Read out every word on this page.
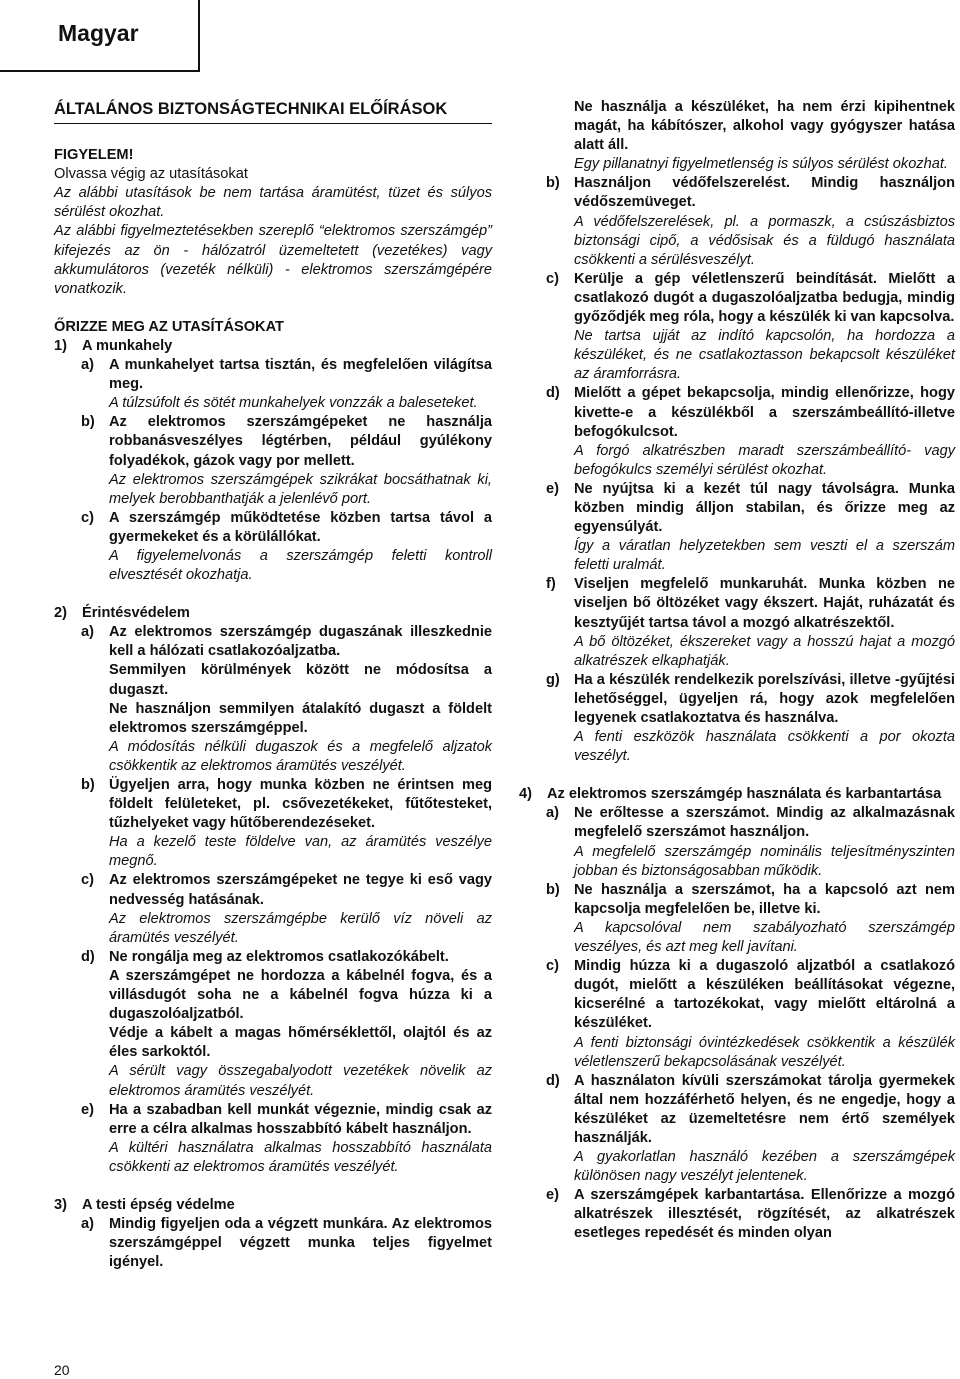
Magyar
ÁLTALÁNOS BIZTONSÁGTECHNIKAI ELŐÍRÁSOK
FIGYELEM!
Olvassa végig az utasításokat
Az alábbi utasítások be nem tartása áramütést, tüzet és súlyos sérülést okozhat.
Az alábbi figyelmeztetésekben szereplő “elektromos szerszámgép” kifejezés az ön - hálózatról üzemeltetett (vezetékes) vagy akkumulátoros (vezeték nélküli) - elektromos szerszámgépére vonatkozik.
ŐRIZZE MEG AZ UTASÍTÁSOKAT
1)	A munkahely
a)	A munkahelyet tartsa tisztán, és megfelelően világítsa meg.
A túlzsúfolt és sötét munkahelyek vonzzák a baleseteket.
b) Az elektromos szerszámgépeket ne használja robbanásveszélyes légtérben, például gyúlékony folyadékok, gázok vagy por mellett.
Az elektromos szerszámgépek szikrákat bocsáthatnak ki, melyek berobbanthatják a jelenlévő port.
c)	A szerszámgép működtetése közben tartsa távol a gyermekeket és a körülállókat.
A figyelemelvonás a szerszámgép feletti kontroll elvesztését okozhatja.
2)	Érintésvédelem
a)	Az elektromos szerszámgép dugaszának illeszkednie kell a hálózati csatlakozóaljzatba.
Semmilyen körülmények között ne módosítsa a dugaszt.
Ne használjon semmilyen átalakító dugaszt a földelt elektromos szerszámgéppel.
A módosítás nélküli dugaszok és a megfelelő aljzatok csökkentik az elektromos áramütés veszélyét.
b) Ügyeljen arra, hogy munka közben ne érintsen meg földelt felületeket, pl. csővezetékeket, fűtőtesteket, tűzhelyeket vagy hűtőberendezéseket.
Ha a kezelő teste földelve van, az áramütés veszélye megnő.
c)	Az elektromos szerszámgépeket ne tegye ki eső vagy nedvesség hatásának.
Az elektromos szerszámgépbe kerülő víz növeli az áramütés veszélyét.
d) Ne rongálja meg az elektromos csatlakozókábelt.
A szerszámgépet ne hordozza a kábelnél fogva, és a villásdugót soha ne a kábelnél fogva húzza ki a dugaszolóaljzatból.
Védje a kábelt a magas hőmérséklettől, olajtól és az éles sarkoktól.
A sérült vagy összegabalyodott vezetékek növelik az elektromos áramütés veszélyét.
e)	Ha a szabadban kell munkát végeznie, mindig csak az erre a célra alkalmas hosszabbító kábelt használjon.
A kültéri használatra alkalmas hosszabbító használata csökkenti az elektromos áramütés veszélyét.
3)	A testi épség védelme
a)	Mindig figyeljen oda a végzett munkára. Az elektromos szerszámgéppel végzett munka teljes figyelmet igényel.
Ne használja a készüléket, ha nem érzi kipihentnek magát, ha kábítószer, alkohol vagy gyógyszer hatása alatt áll.
Egy pillanatnyi figyelmetlenség is súlyos sérülést okozhat.
b) Használjon védőfelszerelést. Mindig használjon védőszemüveget.
A védőfelszerelések, pl. a pormaszk, a csúszásbiztos biztonsági cipő, a védősisak és a füldugó használata csökkenti a sérülésveszélyt.
c)	Kerülje a gép véletlenszerű beindítását. Mielőtt a csatlakozó dugót a dugaszolóaljzatba bedugja, mindig győződjék meg róla, hogy a készülék ki van kapcsolva.
Ne tartsa ujját az indító kapcsolón, ha hordozza a készüléket, és ne csatlakoztasson bekapcsolt készüléket az áramforrásra.
d) Mielőtt a gépet bekapcsolja, mindig ellenőrizze, hogy kivette-e a készülékből a szerszámbeállító-illetve befogókulcsot.
A forgó alkatrészben maradt szerszámbeállító- vagy befogókulcs személyi sérülést okozhat.
e)	Ne nyújtsa ki a kezét túl nagy távolságra. Munka közben mindig álljon stabilan, és őrizze meg az egyensúlyát.
Így a váratlan helyzetekben sem veszti el a szerszám feletti uralmát.
f)	Viseljen megfelelő munkaruhát. Munka közben ne viseljen bő öltözéket vagy ékszert. Haját, ruházatát és kesztyűjét tartsa távol a mozgó alkatrészektől.
A bő öltözéket, ékszereket vagy a hosszú hajat a mozgó alkatrészek elkaphatják.
g) Ha a készülék rendelkezik porelszívási, illetve -gyűjtési lehetőséggel, ügyeljen rá, hogy azok megfelelően legyenek csatlakoztatva és használva.
A fenti eszközök használata csökkenti a por okozta veszélyt.
4)	Az elektromos szerszámgép használata és karbantartása
a)	Ne erőltesse a szerszámot. Mindig az alkalmazásnak megfelelő szerszámot használjon.
A megfelelő szerszámgép nominális teljesítményszinten jobban és biztonságosabban működik.
b) Ne használja a szerszámot, ha a kapcsoló azt nem kapcsolja megfelelően be, illetve ki.
A kapcsolóval nem szabályozható szerszámgép veszélyes, és azt meg kell javítani.
c)	Mindig húzza ki a dugaszoló aljzatból a csatlakozó dugót, mielőtt a készüléken beállításokat végezne, kicserélné a tartozékokat, vagy mielőtt eltárolná a készüléket.
A fenti biztonsági óvintézkedések csökkentik a készülék véletlenszerű bekapcsolásának veszélyét.
d) A használaton kívüli szerszámokat tárolja gyermekek által nem hozzáférhető helyen, és ne engedje, hogy a készüléket az üzemeltetésre nem értő személyek használják.
A gyakorlatlan használó kezében a szerszámgépek különösen nagy veszélyt jelentenek.
e)	A szerszámgépek karbantartása. Ellenőrizze a mozgó alkatrészek illesztését, rögzítését, az alkatrészek esetleges repedését és minden olyan
20
